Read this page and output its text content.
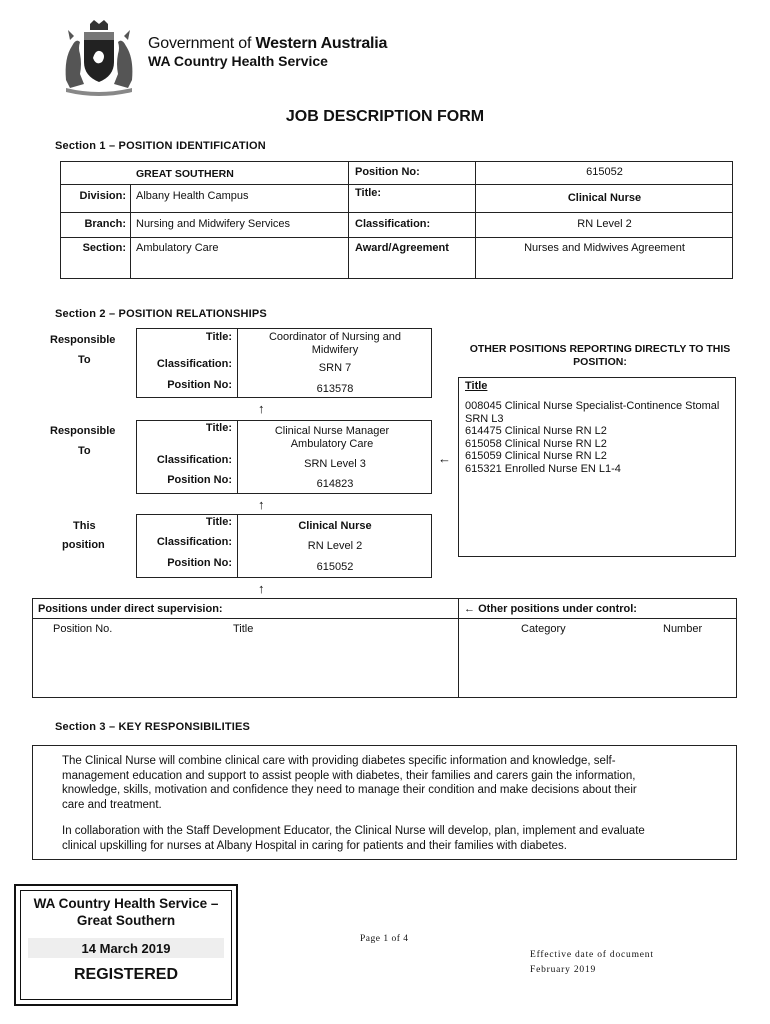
Government of Western Australia
WA Country Health Service
JOB DESCRIPTION FORM
Section 1 – POSITION IDENTIFICATION
GREAT SOUTHERN	Position No:	615052
Division: Albany Health Campus	Title:	Clinical Nurse
Branch: Nursing and Midwifery Services	Classification:	RN Level 2
Section: Ambulatory Care	Award/Agreement	Nurses and Midwives Agreement
Section 2 – POSITION RELATIONSHIPS
Responsible
To
Title:	Coordinator of Nursing and Midwifery
Classification:	SRN 7
Position No:	613578
↑
Responsible
To
Title:	Clinical Nurse Manager Ambulatory Care
Classification:	SRN Level 3
Position No:	614823
←
↑
This
position
Title:	Clinical Nurse
Classification:	RN Level 2
Position No:	615052
↑
OTHER POSITIONS REPORTING DIRECTLY TO THIS POSITION:
Title
008045 Clinical Nurse Specialist-Continence Stomal SRN L3
614475 Clinical Nurse RN L2
615058 Clinical Nurse RN L2
615059 Clinical Nurse RN L2
615321 Enrolled Nurse EN L1-4
Positions under direct supervision:	← Other positions under control:
Position No.	Title	Category	Number
Section 3 – KEY RESPONSIBILITIES
The Clinical Nurse will combine clinical care with providing diabetes specific information and knowledge, self-
management education and support to assist people with diabetes, their families and carers gain the information,
knowledge, skills, motivation and confidence they need to manage their condition and make decisions about their
care and treatment.
In collaboration with the Staff Development Educator, the Clinical Nurse will develop, plan, implement and evaluate
clinical upskilling for nurses at Albany Hospital in caring for patients and their families with diabetes.
WA Country Health Service –
Great Southern
14 March 2019
REGISTERED
Page 1 of 4
Effective date of document
February 2019
